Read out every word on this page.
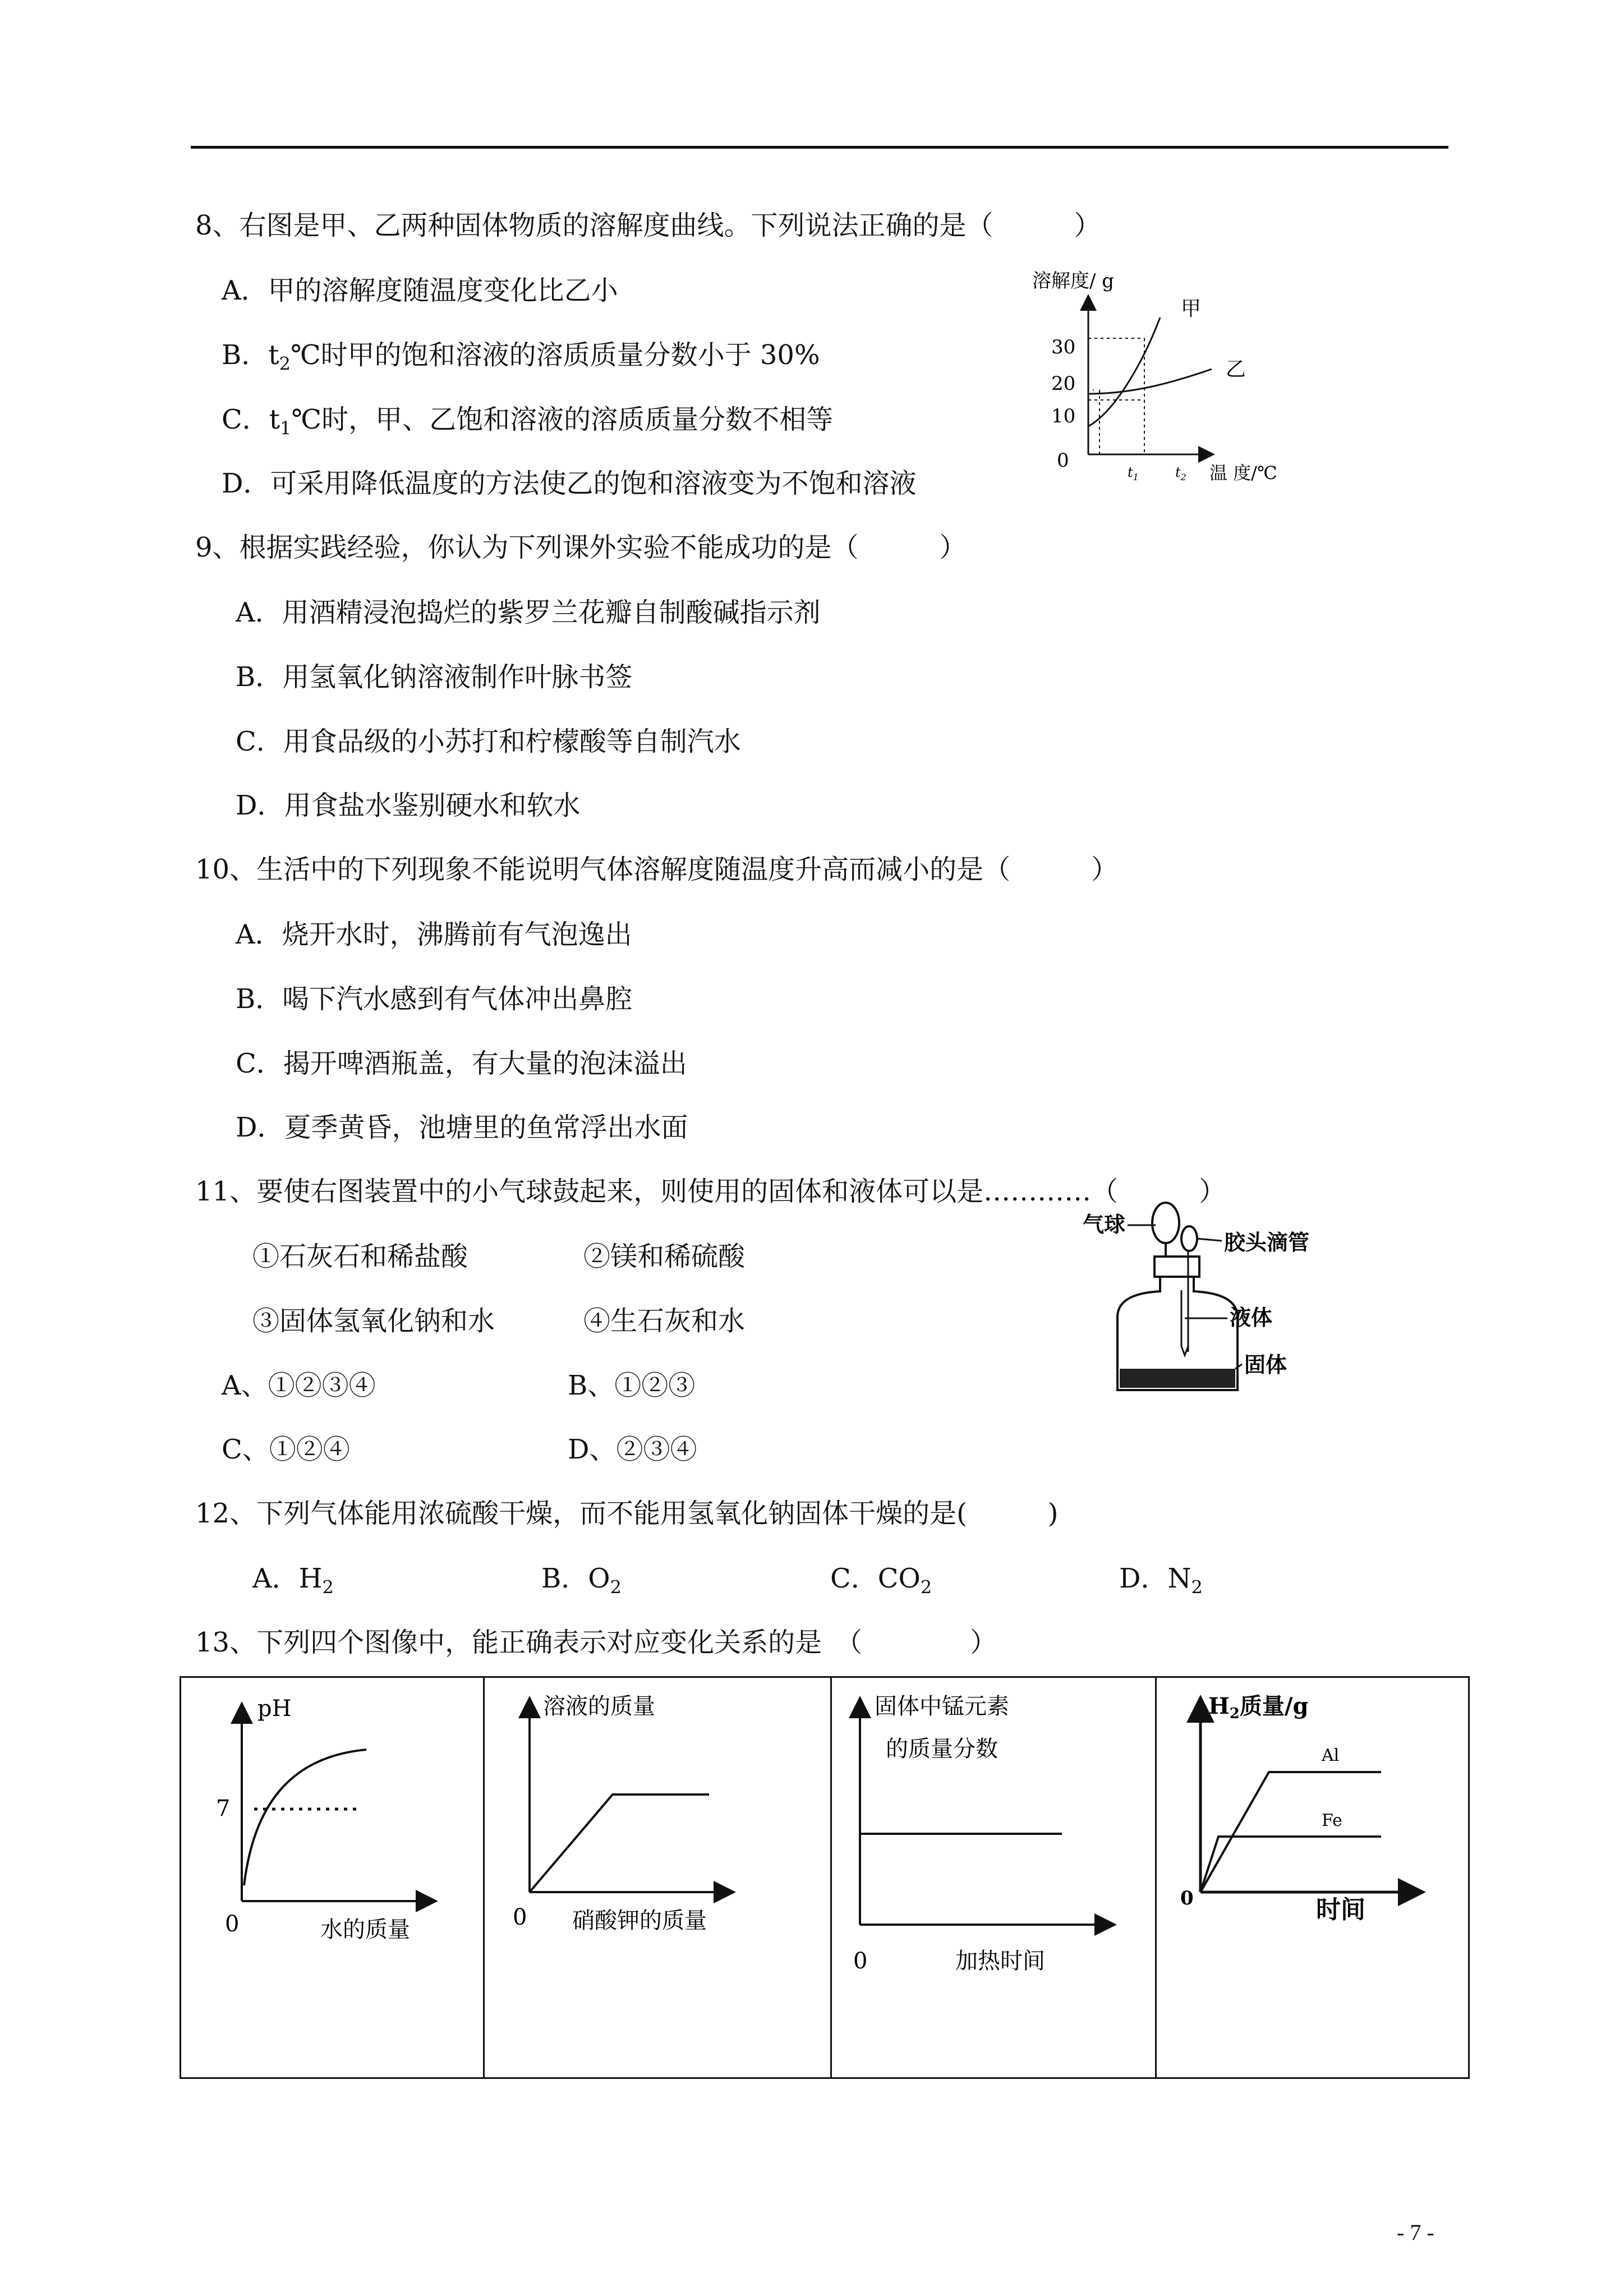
8、右图是甲、乙两种固体物质的溶解度曲线。下列说法正确的是（　　　）
A．甲的溶解度随温度变化比乙小
B．$t_2℃$时甲的饱和溶液的溶质质量分数小于 30%
C．$t_1℃$时，甲、乙饱和溶液的溶质质量分数不相等
D．可采用降低温度的方法使乙的饱和溶液变为不饱和溶液
溶解度/ g
30
20
10
0
甲
乙
$t_1$	$t_2$ 温 度/℃
9、根据实践经验，你认为下列课外实验不能成功的是（　　　）
A．用酒精浸泡捣烂的紫罗兰花瓣自制酸碱指示剂
B．用氢氧化钠溶液制作叶脉书签
C．用食品级的小苏打和柠檬酸等自制汽水
D．用食盐水鉴别硬水和软水
10、生活中的下列现象不能说明气体溶解度随温度升高而减小的是（　　　）
A．烧开水时，沸腾前有气泡逸出
B．喝下汽水感到有气体冲出鼻腔
C．揭开啤酒瓶盖，有大量的泡沫溢出
D．夏季黄昏，池塘里的鱼常浮出水面
11、要使右图装置中的小气球鼓起来，则使用的固体和液体可以是…………（　　　）
①石灰石和稀盐酸	②镁和稀硫酸
③固体氢氧化钠和水	④生石灰和水
A、①②③④	B、①②③
C、①②④	D、②③④
气球
胶头滴管
液体
固体
12、下列气体能用浓硫酸干燥，而不能用氢氧化钠固体干燥的是(　　　)
A．$H_2$	B．$O_2$	C．$CO_2$	D．$N_2$
13、下列四个图像中，能正确表示对应变化关系的是　（　　　　）
pH
7
0	水的质量
溶液的质量
0 硝酸钾的质量
固体中锰元素
的质量分数
0	加热时间
$H_2$质量/g
Al
Fe
0	时间
- 7 -
